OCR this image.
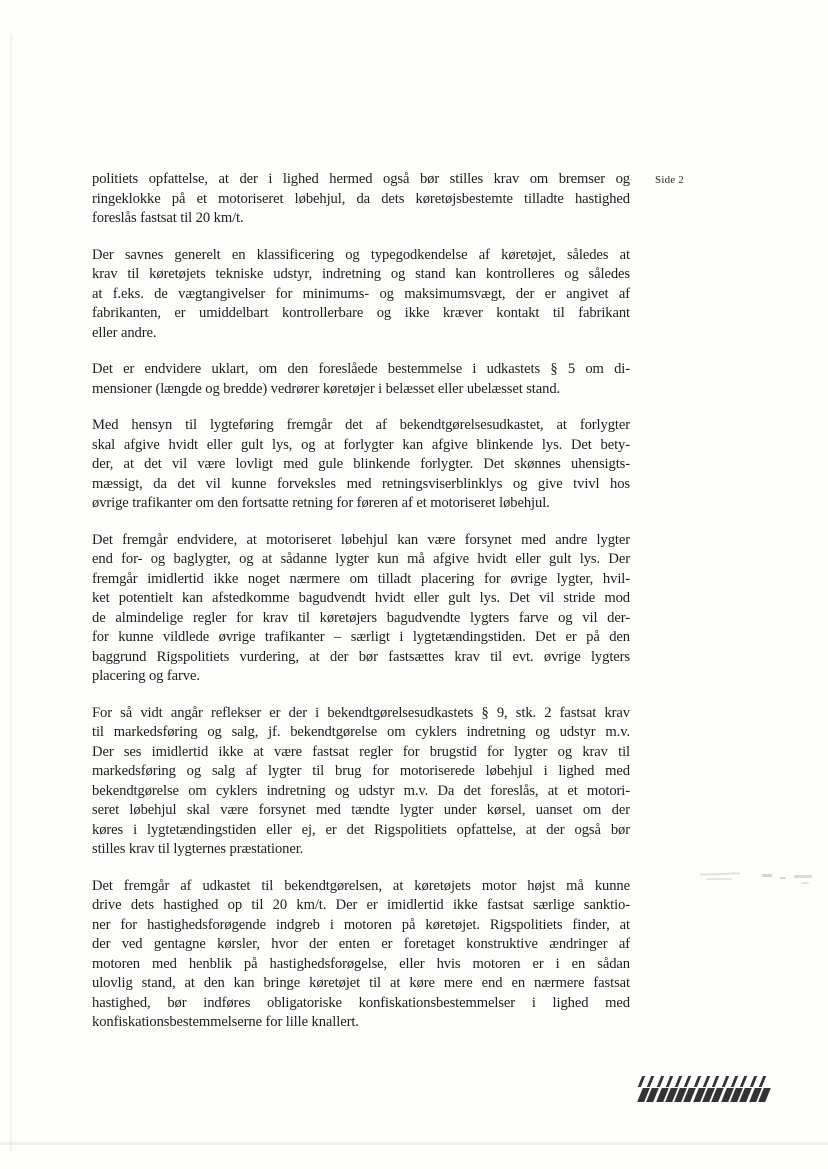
Side 2

politiets opfattelse, at der i lighed hermed også bør stilles krav om bremser og
ringeklokke på et motoriseret løbehjul, da dets køretøjsbestemte tilladte hastighed
foreslås fastsat til 20 km/t.

Der savnes generelt en klassificering og typegodkendelse af køretøjet, således at
krav til køretøjets tekniske udstyr, indretning og stand kan kontrolleres og således
at f.eks. de vægtangivelser for minimums- og maksimumsvægt, der er angivet af
fabrikanten, er umiddelbart kontrollerbare og ikke kræver kontakt til fabrikant
eller andre.

Det er endvidere uklart, om den foreslåede bestemmelse i udkastets § 5 om di-
mensioner (længde og bredde) vedrører køretøjer i belæsset eller ubelæsset stand.

Med hensyn til lygteføring fremgår det af bekendtgørelsesudkastet, at forlygter
skal afgive hvidt eller gult lys, og at forlygter kan afgive blinkende lys. Det bety-
der, at det vil være lovligt med gule blinkende forlygter. Det skønnes uhensigts-
mæssigt, da det vil kunne forveksles med retningsviserblinklys og give tvivl hos
øvrige trafikanter om den fortsatte retning for føreren af et motoriseret løbehjul.

Det fremgår endvidere, at motoriseret løbehjul kan være forsynet med andre lygter
end for- og baglygter, og at sådanne lygter kun må afgive hvidt eller gult lys. Der
fremgår imidlertid ikke noget nærmere om tilladt placering for øvrige lygter, hvil-
ket potentielt kan afstedkomme bagudvendt hvidt eller gult lys. Det vil stride mod
de almindelige regler for krav til køretøjers bagudvendte lygters farve og vil der-
for kunne vildlede øvrige trafikanter – særligt i lygtetændingstiden. Det er på den
baggrund Rigspolitiets vurdering, at der bør fastsættes krav til evt. øvrige lygters
placering og farve.

For så vidt angår reflekser er der i bekendtgørelsesudkastets § 9, stk. 2 fastsat krav
til markedsføring og salg, jf. bekendtgørelse om cyklers indretning og udstyr m.v.
Der ses imidlertid ikke at være fastsat regler for brugstid for lygter og krav til
markedsføring og salg af lygter til brug for motoriserede løbehjul i lighed med
bekendtgørelse om cyklers indretning og udstyr m.v. Da det foreslås, at et motori-
seret løbehjul skal være forsynet med tændte lygter under kørsel, uanset om der
køres i lygtetændingstiden eller ej, er det Rigspolitiets opfattelse, at der også bør
stilles krav til lygternes præstationer.

Det fremgår af udkastet til bekendtgørelsen, at køretøjets motor højst må kunne
drive dets hastighed op til 20 km/t. Der er imidlertid ikke fastsat særlige sanktio-
ner for hastighedsforøgende indgreb i motoren på køretøjet. Rigspolitiets finder, at
der ved gentagne kørsler, hvor der enten er foretaget konstruktive ændringer af
motoren med henblik på hastighedsforøgelse, eller hvis motoren er i en sådan
ulovlig stand, at den kan bringe køretøjet til at køre mere end en nærmere fastsat
hastighed, bør indføres obligatoriske konfiskationsbestemmelser i lighed med
konfiskationsbestemmelserne for lille knallert.
